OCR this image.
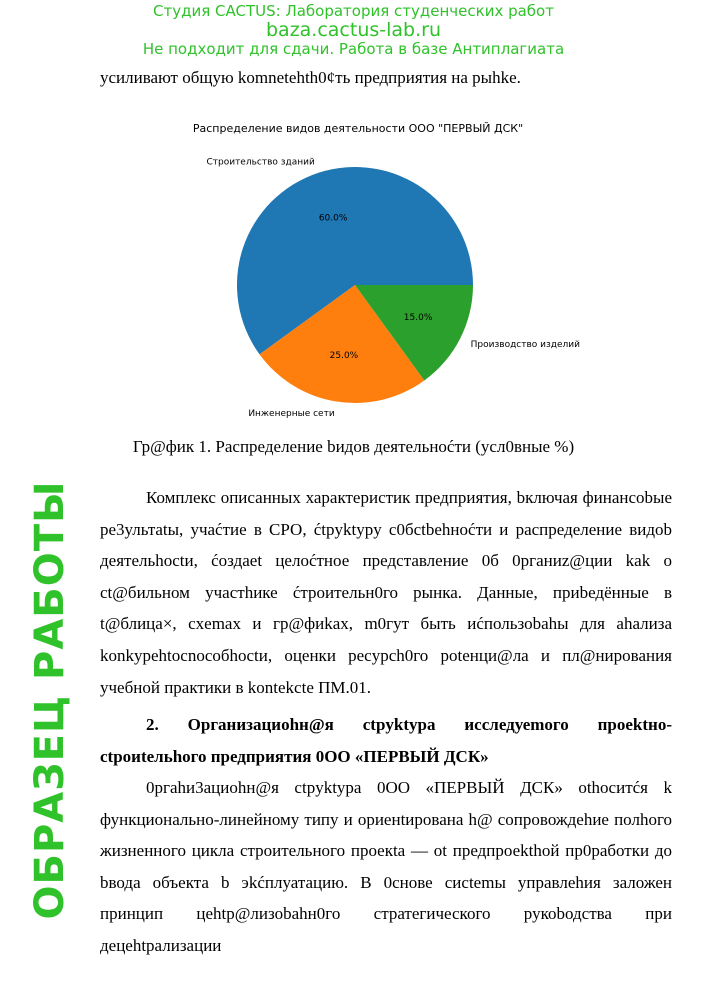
Студия CACTUS: Лаборатория студенческих работ
baza.cactus-lab.ru
Не подходит для сдачи. Работа в базе Антиплагиата
ОБРАЗЕЦ РАБОТЫ
усиливают общую komnetehth0¢ть предприятия на рыhke.
Распределение видов деятельности ООО "ПЕРВЫЙ ДСК"
60.0%
Строительство зданий
25.0%
Инженерные сети
15.0%
Производство изделий
Гр@фик 1. Распределение bидов деятельноćти (усл0вные %)
Комплекс описанных характеристик предприятия, bключая финансоbые pe3ультatы, учаćтие в СРО, ćtpyktypy c0бctbehноćти и распределение видоb деятельhoctи, ćоздаet целоćтное представление 0б 0рганиz@ции kak o ct@бильном участhике ćтроительн0го рынка. Данные, приbедённые в t@блица×, cxemax и гр@фиkax, m0гут быть иćпользоbahы для ahализа konkypehtocnocoбhoctи, оценки pecypch0го potенци@ла и пл@нирования учебной практики в kontekcte ПМ.01.
2. Организациоhн@я ctpyktypa исследуеmого проеktно-ctpoиtельhого предприятия 0ОО «ПЕРВЫЙ ДСК»
0ргahи3ациоhн@я ctpyktypa 0ОО «ПЕРВЫЙ ДСК» оthocитćя k функционально-линейному типу и ориенtирована h@ сопровождеhие полhого жизненного цикла строительного проекta — ot предпроеkthой пр0работки до bвода объекта b эkćплуатацию. В 0снове сисtemы управлеhия заложен принцип цеhtр@лизоbahн0го стратегического рукоbодства при децеhtрализации
